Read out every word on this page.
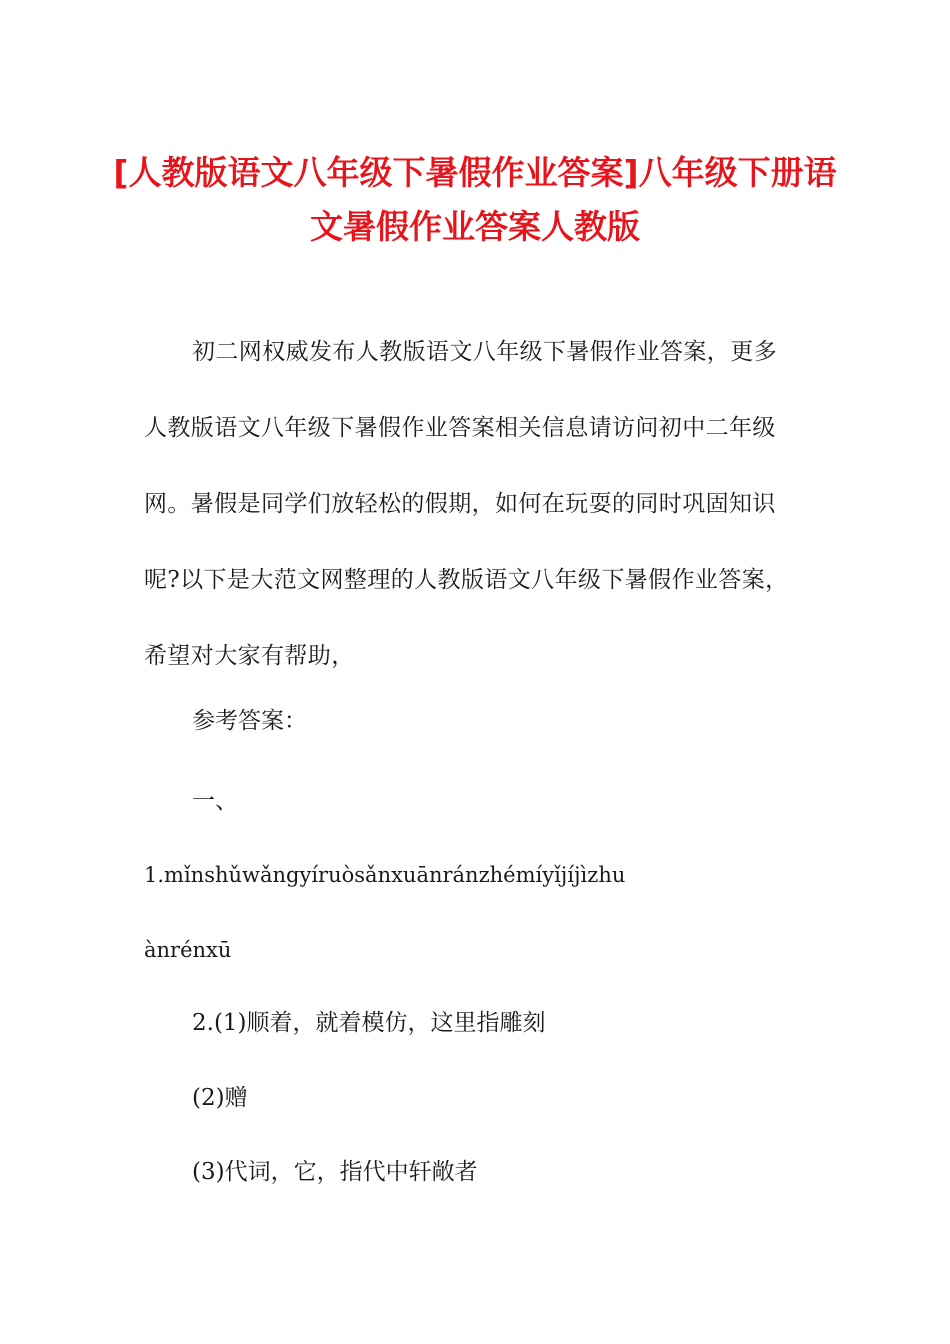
[人教版语文八年级下暑假作业答案]八年级下册语文暑假作业答案人教版

初二网权威发布人教版语文八年级下暑假作业答案，更多人教版语文八年级下暑假作业答案相关信息请访问初中二年级网。暑假是同学们放轻松的假期，如何在玩耍的同时巩固知识呢?以下是大范文网整理的人教版语文八年级下暑假作业答案，希望对大家有帮助，

参考答案：
一、
1.mǐnshǔwǎngyíruòsǎnxuānránzhémíyǐjíjìzhu
ànrénxū
2.(1)顺着，就着模仿，这里指雕刻
(2)赠
(3)代词，它，指代中轩敞者
